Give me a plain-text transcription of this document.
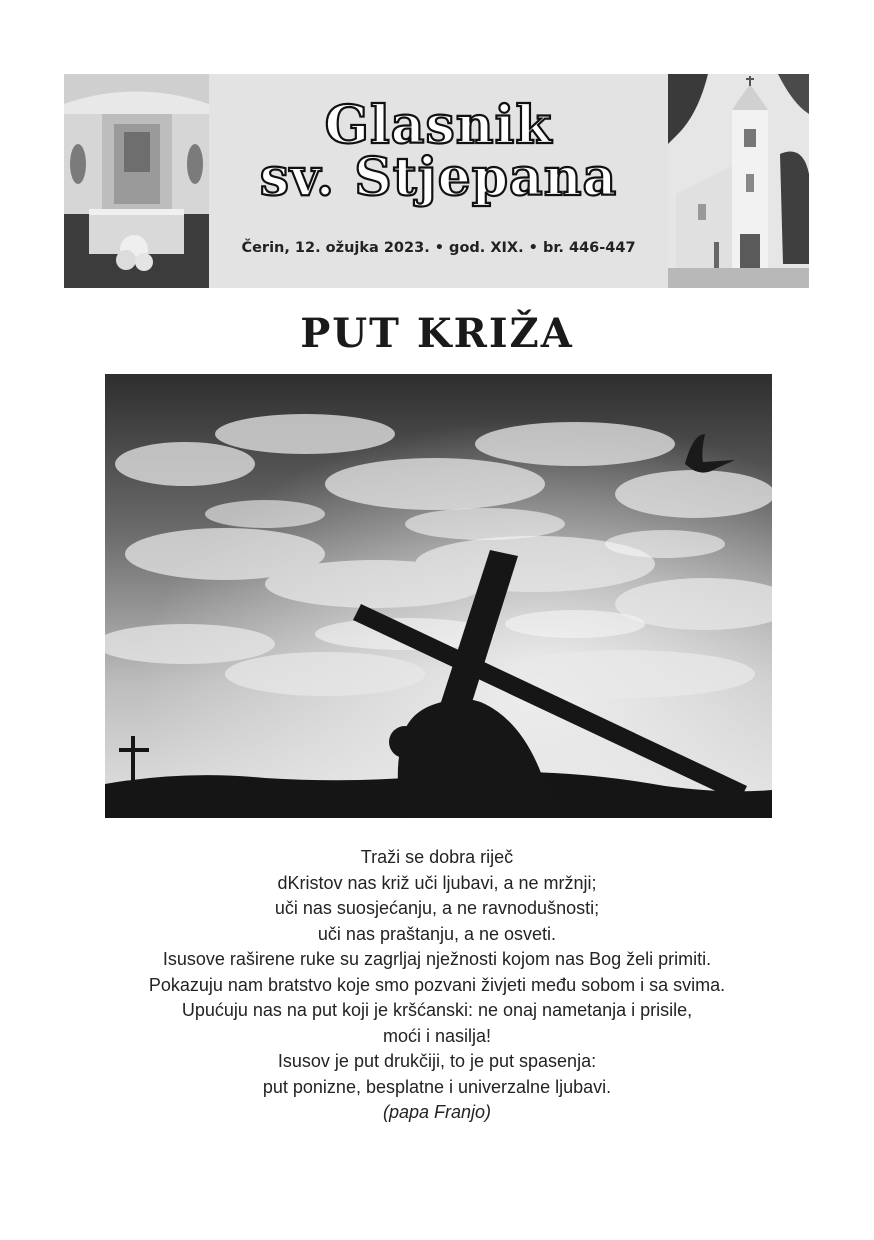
Glasnik
sv. Stjepana
Čerin, 12. ožujka 2023. • god. XIX. • br. 446-447
PUT KRIŽA
Traži se dobra riječ
dKristov nas križ uči ljubavi, a ne mržnji;
uči nas suosjećanju, a ne ravnodušnosti;
uči nas praštanju, a ne osveti.
Isusove raširene ruke su zagrljaj nježnosti kojom nas Bog želi primiti.
Pokazuju nam bratstvo koje smo pozvani živjeti među sobom i sa svima.
Upućuju nas na put koji je kršćanski: ne onaj nametanja i prisile,
moći i nasilja!
Isusov je put drukčiji, to je put spasenja:
put ponizne, besplatne i univerzalne ljubavi.
(papa Franjo)
